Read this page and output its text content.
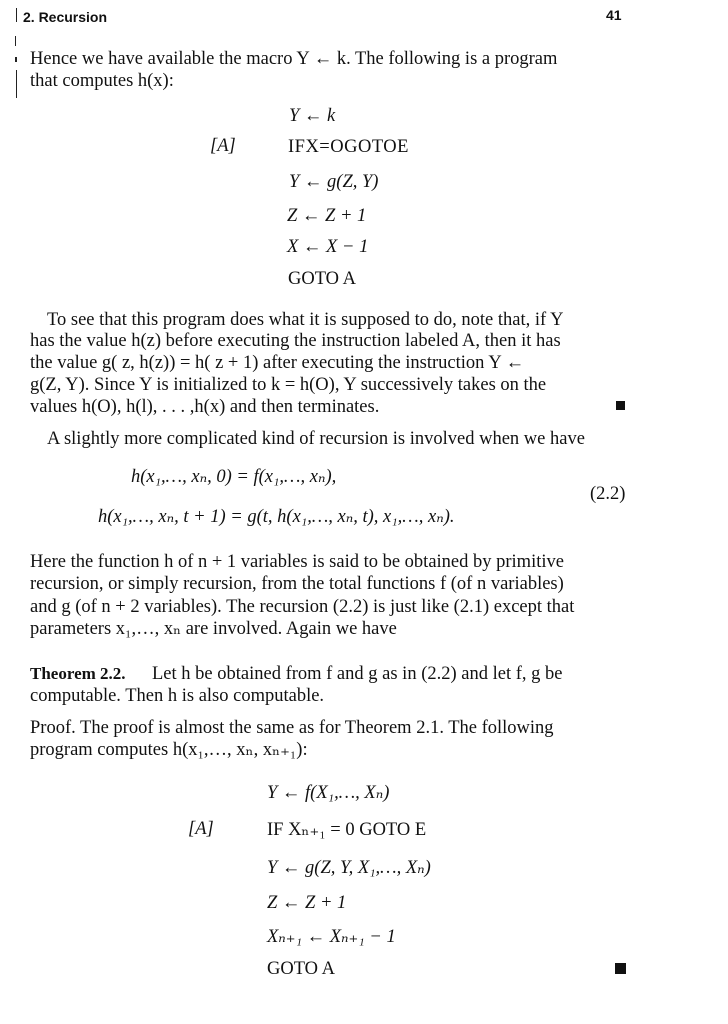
2. Recursion	41
Hence we have available the macro Y ← k. The following is a program
that computes h(x):
[A]
Y ← k
IFX=OGOTOE
Y ← g(Z, Y)
Z ← Z + 1
X ← X − 1
GOTO A
To see that this program does what it is supposed to do, note that, if Y
has the value h(z) before executing the instruction labeled A, then it has
the value g( z, h(z)) = h( z + 1) after executing the instruction Y ←
g(Z, Y). Since Y is initialized to k = h(O), Y successively takes on the
values h(O), h(l), . . . ,h(x) and then terminates.
A slightly more complicated kind of recursion is involved when we have
h(x₁,…, xₙ, 0) = f(x₁,…, xₙ),
(2.2)
h(x₁,…, xₙ, t + 1) = g(t, h(x₁,…, xₙ, t), x₁,…, xₙ).
Here the function h of n + 1 variables is said to be obtained by primitive
recursion, or simply recursion, from the total functions f (of n variables)
and g (of n + 2 variables). The recursion (2.2) is just like (2.1) except that
parameters x₁,…, xₙ are involved. Again we have
Theorem 2.2. Let h be obtained from f and g as in (2.2) and let f, g be
computable. Then h is also computable.
Proof. The proof is almost the same as for Theorem 2.1. The following
program computes h(x₁,…, xₙ, xₙ₊₁):
[A]
Y ← f(X₁,…, Xₙ)
IF Xₙ₊₁ = 0 GOTO E
Y ← g(Z, Y, X₁,…, Xₙ)
Z ← Z + 1
Xₙ₊₁ ← Xₙ₊₁ − 1
GOTO A
